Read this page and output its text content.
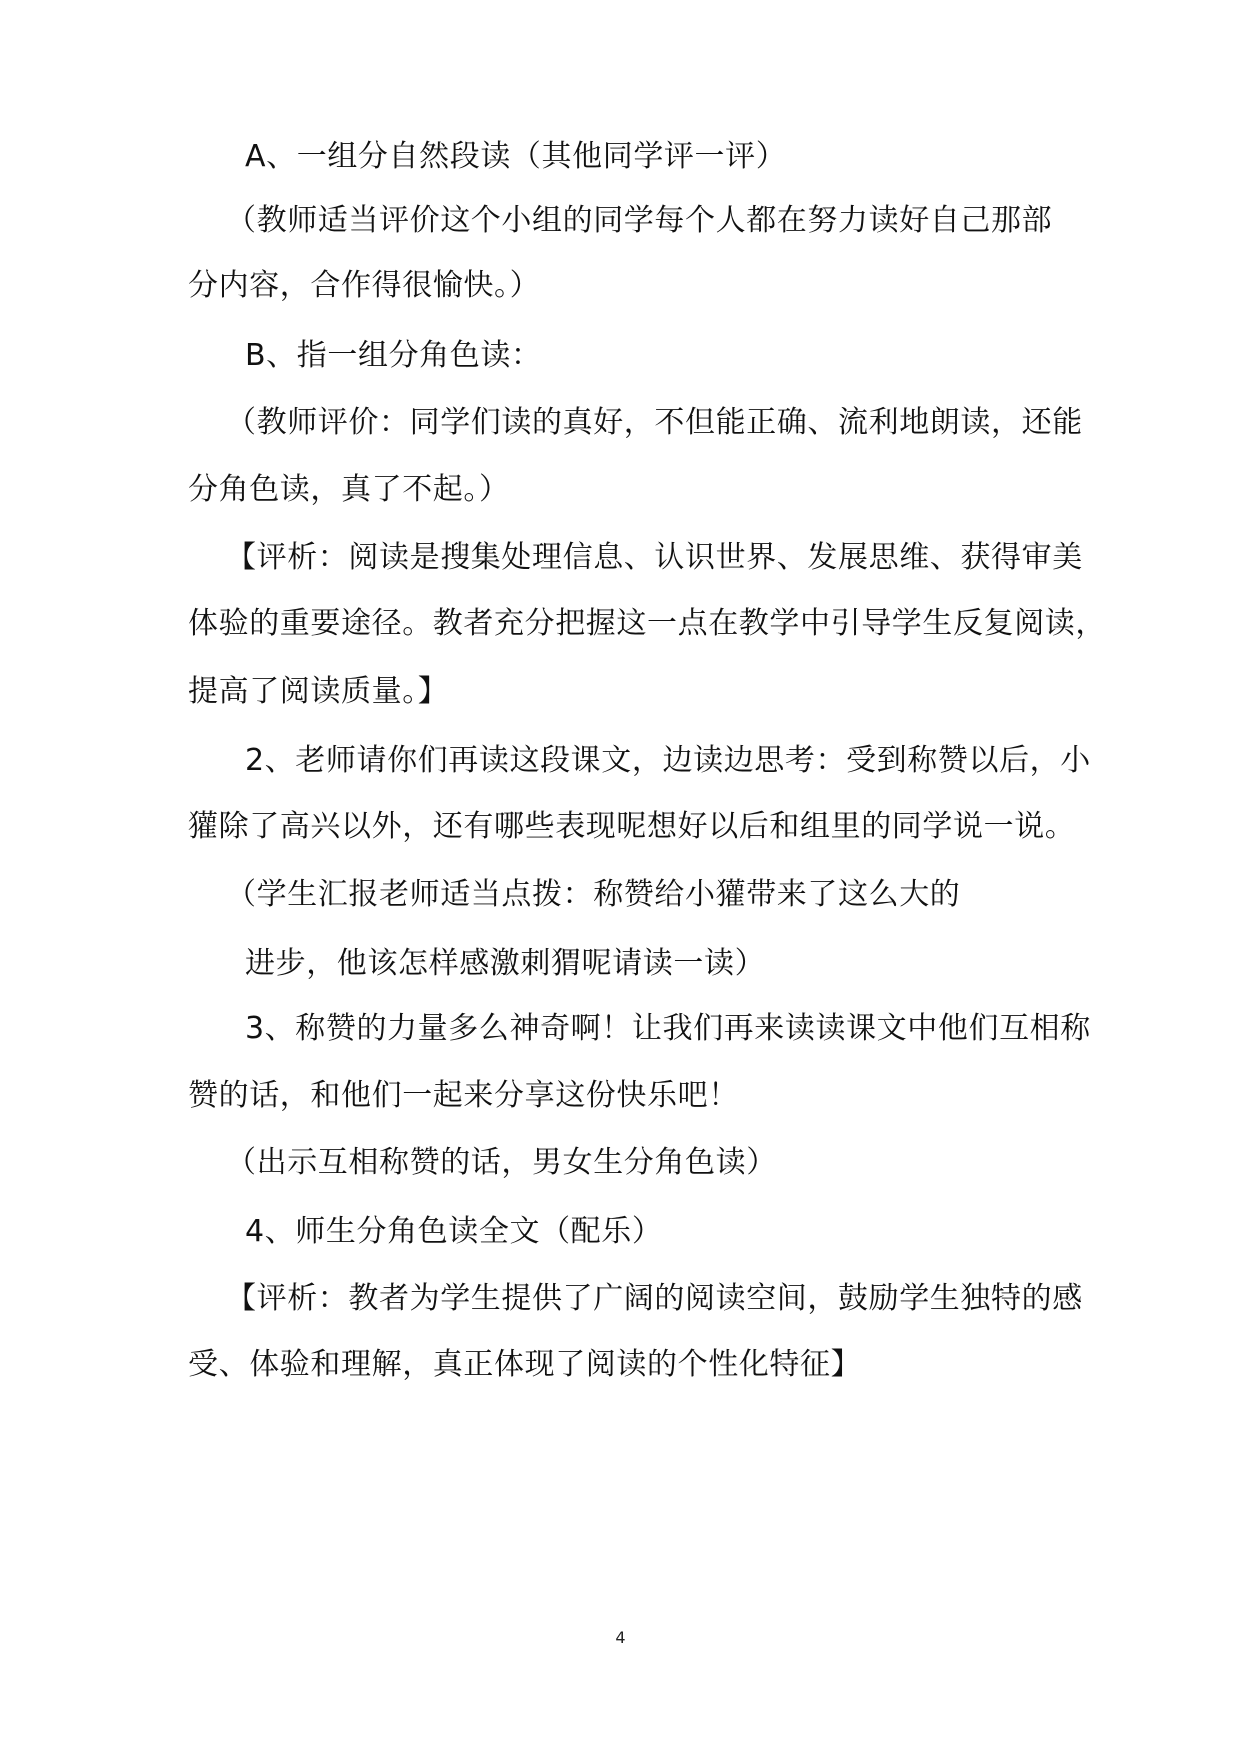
A、一组分自然段读（其他同学评一评）
（教师适当评价这个小组的同学每个人都在努力读好自己那部
分内容，合作得很愉快。）
B、指一组分角色读：
（教师评价：同学们读的真好，不但能正确、流利地朗读，还能
分角色读，真了不起。）
【评析：阅读是搜集处理信息、认识世界、发展思维、获得审美
体验的重要途径。教者充分把握这一点在教学中引导学生反复阅读，
提高了阅读质量。】
2、老师请你们再读这段课文，边读边思考：受到称赞以后，小
獾除了高兴以外，还有哪些表现呢想好以后和组里的同学说一说。
（学生汇报老师适当点拨：称赞给小獾带来了这么大的
进步，他该怎样感激刺猬呢请读一读）
3、称赞的力量多么神奇啊！让我们再来读读课文中他们互相称
赞的话，和他们一起来分享这份快乐吧！
（出示互相称赞的话，男女生分角色读）
4、师生分角色读全文（配乐）
【评析：教者为学生提供了广阔的阅读空间，鼓励学生独特的感
受、体验和理解，真正体现了阅读的个性化特征】
4
